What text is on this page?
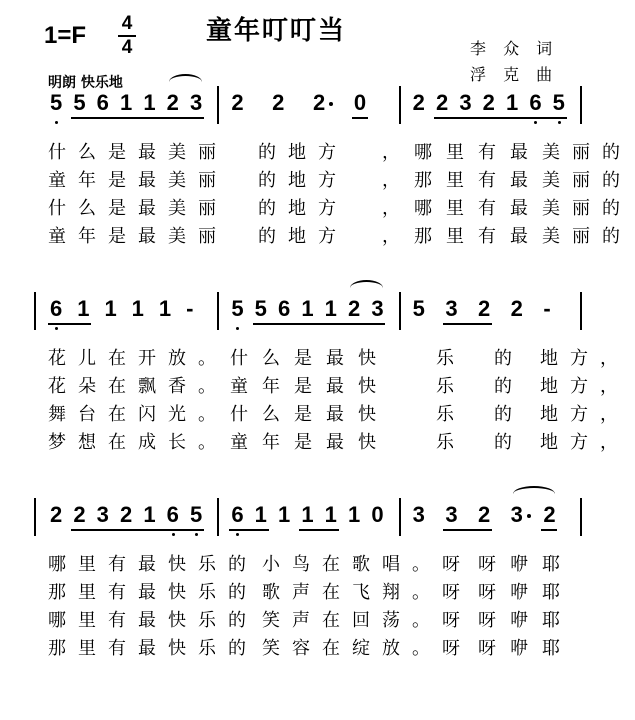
1=F 4
4
童年叮叮当
明朗 快乐地
李 众 词
浮 克 曲
5 5 6 1 1 2 3 2 2 2 0 2 2 3 2 1 6 5
什 么 是 最 美 丽 的 地 方	， 哪 里 有 最 美 丽 的
童 年 是 最 美 丽 的 地 方	， 那 里 有 最 美 丽 的
什 么 是 最 美 丽 的 地 方	， 哪 里 有 最 美 丽 的
童 年 是 最 美 丽 的 地 方	， 那 里 有 最 美 丽 的
6 1 1 1 1 - 5 5 6 1 1 2 3 5 3 2 2 -
花 儿 在 开 放 。 什 么 是 最 快	乐 的 地 方 ，
花 朵 在 飘 香 。 童 年 是 最 快	乐 的 地 方 ，
舞 台 在 闪 光 。 什 么 是 最 快	乐 的 地 方 ，
梦 想 在 成 长 。 童 年 是 最 快	乐 的 地 方 ，
2 2 3 2 1 6 5 6 1 1 1 1 1 0 3 3 2 3 2
哪 里 有 最 快 乐 的 小 鸟 在 歌 唱 。 呀 呀 咿 耶
那 里 有 最 快 乐 的 歌 声 在 飞 翔 。 呀 呀 咿 耶
哪 里 有 最 快 乐 的 笑 声 在 回 荡 。 呀 呀 咿 耶
那 里 有 最 快 乐 的 笑 容 在 绽 放 。 呀 呀 咿 耶
